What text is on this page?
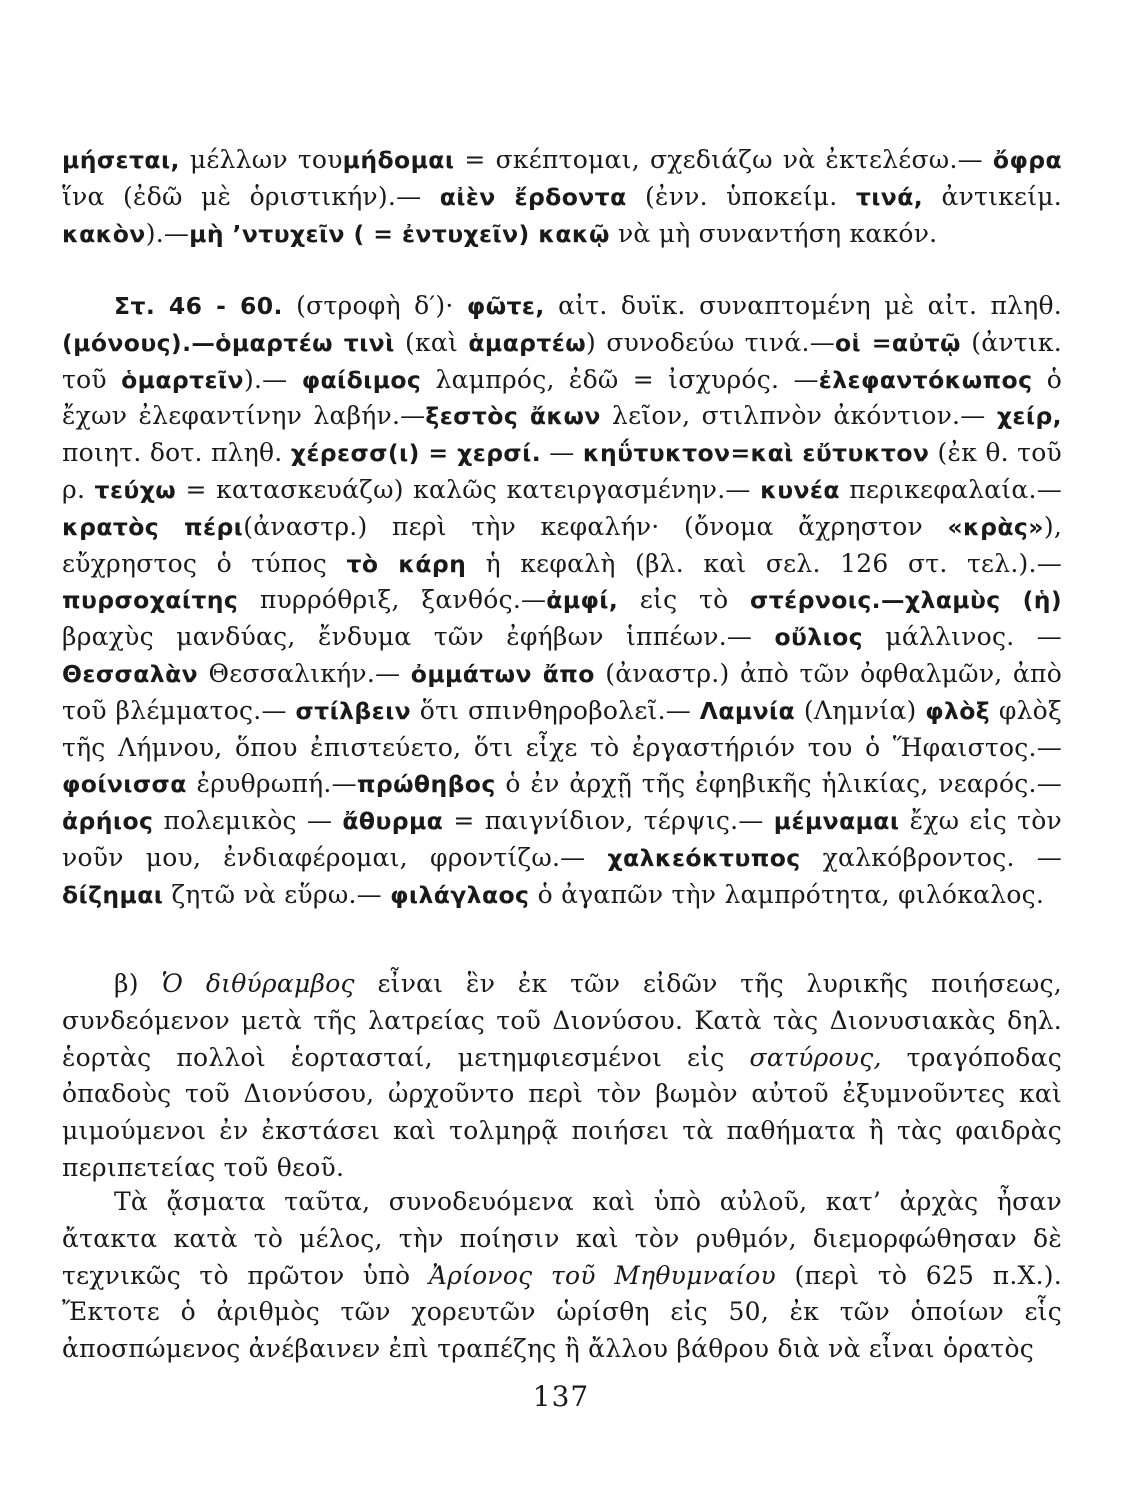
μήσεται, μέλλων τουμήδομαι = σκέπτομαι, σχεδιάζω νὰ ἐκτελέσω.— ὄφρα ἵνα (ἐδῶ μὲ ὁριστικήν).— αἰὲν ἔρδοντα (ἐνν. ὑποκείμ. τινά, ἀντικείμ. κακὸν).—μὴ ’ντυχεῖν ( = ἐντυχεῖν) κακῷ νὰ μὴ συναντήση κακόν.

Στ. 46 - 60. (στροφὴ δ′)· φῶτε, αἰτ. δυϊκ. συναπτομένη μὲ αἰτ. πληθ. (μόνους).—ὁμαρτέω τινὶ (καὶ ἁμαρτέω) συνοδεύω τινά.—οἱ =αὐτῷ (ἀντικ. τοῦ ὁμαρτεῖν).— φαίδιμος λαμπρός, ἐδῶ = ἰσχυρός. —ἐλεφαντόκωπος ὁ ἔχων ἐλεφαντίνην λαβήν.—ξεστὸς ἄκων λεῖον, στιλπνὸν ἀκόντιον.— χείρ, ποιητ. δοτ. πληθ. χέρεσσ(ι) = χερσί. — κηΰτυκτον=καὶ εὔτυκτον (ἐκ θ. τοῦ ρ. τεύχω = κατασκευάζω) καλῶς κατειργασμένην.— κυνέα περικεφαλαία.— κρατὸς πέρι(ἀναστρ.) περὶ τὴν κεφαλήν· (ὄνομα ἄχρηστον «κρὰς»), εὔχρηστος ὁ τύπος τὸ κάρη ἡ κεφαλὴ (βλ. καὶ σελ. 126 στ. τελ.).— πυρσοχαίτης πυρρόθριξ, ξανθός.—ἀμφί, εἰς τὸ στέρνοις.—χλαμὺς (ἡ) βραχὺς μανδύας, ἔνδυμα τῶν ἐφήβων ἱππέων.— οὔλιος μάλλινος. — Θεσσαλὰν Θεσσαλικήν.— ὀμμάτων ἄπο (ἀναστρ.) ἀπὸ τῶν ὀφθαλμῶν, ἀπὸ τοῦ βλέμματος.— στίλβειν ὅτι σπινθηροβολεῖ.— Λαμνία (Λημνία) φλὸξ φλὸξ τῆς Λήμνου, ὅπου ἐπιστεύετο, ὅτι εἶχε τὸ ἐργαστήριόν του ὁ Ἥφαιστος.— φοίνισσα ἐρυθρωπή.—πρώθηβος ὁ ἐν ἀρχῇ τῆς ἐφηβικῆς ἡλικίας, νεαρός.— ἀρήιος πολεμικὸς — ἄθυρμα = παιγνίδιον, τέρψις.— μέμναμαι ἔχω εἰς τὸν νοῦν μου, ἐνδιαφέρομαι, φροντίζω.— χαλκεόκτυπος χαλκόβροντος. — δίζημαι ζητῶ νὰ εὕρω.— φιλάγλαος ὁ ἀγαπῶν τὴν λαμπρότητα, φιλόκαλος.

β) Ὁ διθύραμβος εἶναι ἓν ἐκ τῶν εἰδῶν τῆς λυρικῆς ποιήσεως, συνδεόμενον μετὰ τῆς λατρείας τοῦ Διονύσου. Κατὰ τὰς Διονυσιακὰς δηλ. ἑορτὰς πολλοὶ ἑορτασταί, μετημφιεσμένοι εἰς σατύρους, τραγόποδας ὀπαδοὺς τοῦ Διονύσου, ὠρχοῦντο περὶ τὸν βωμὸν αὐτοῦ ἐξυμνοῦντες καὶ μιμούμενοι ἐν ἐκστάσει καὶ τολμηρᾷ ποιήσει τὰ παθήματα ἢ τὰς φαιδρὰς περιπετείας τοῦ θεοῦ.

Τὰ ᾄσματα ταῦτα, συνοδευόμενα καὶ ὑπὸ αὐλοῦ, κατ’ ἀρχὰς ἦσαν ἄτακτα κατὰ τὸ μέλος, τὴν ποίησιν καὶ τὸν ρυθμόν, διεμορφώθησαν δὲ τεχνικῶς τὸ πρῶτον ὑπὸ Ἀρίονος τοῦ Μηθυμναίου (περὶ τὸ 625 π.Χ.). Ἔκτοτε ὁ ἀριθμὸς τῶν χορευτῶν ὡρίσθη εἰς 50, ἐκ τῶν ὁποίων εἷς ἀποσπώμενος ἀνέβαινεν ἐπὶ τραπέζης ἢ ἄλλου βάθρου διὰ νὰ εἶναι ὁρατὸς

137
